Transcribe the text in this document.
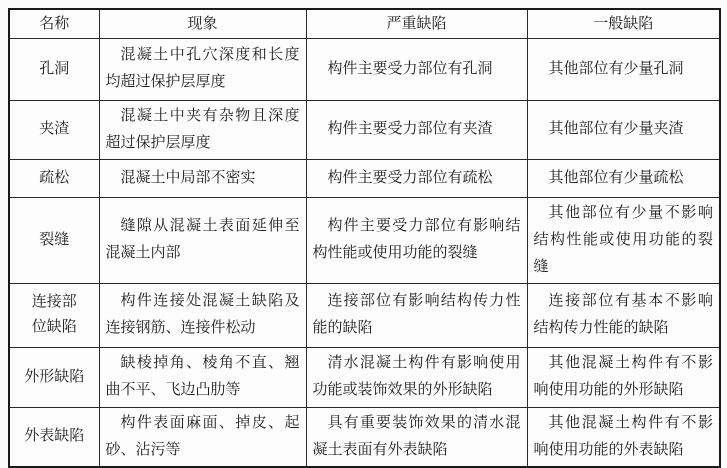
名称	现象	严重缺陷	一般缺陷
孔洞	混凝土中孔穴深度和长度均超过保护层厚度	构件主要受力部位有孔洞	其他部位有少量孔洞
夹渣	混凝土中夹有杂物且深度超过保护层厚度	构件主要受力部位有夹渣	其他部位有少量夹渣
疏松	混凝土中局部不密实	构件主要受力部位有疏松	其他部位有少量疏松
裂缝	缝隙从混凝土表面延伸至混凝土内部	构件主要受力部位有影响结构性能或使用功能的裂缝	其他部位有少量不影响结构性能或使用功能的裂缝
连接部位缺陷	构件连接处混凝土缺陷及连接钢筋、连接件松动	连接部位有影响结构传力性能的缺陷	连接部位有基本不影响结构传力性能的缺陷
外形缺陷	缺棱掉角、棱角不直、翘曲不平、飞边凸肋等	清水混凝土构件有影响使用功能或装饰效果的外形缺陷	其他混凝土构件有不影响使用功能的外形缺陷
外表缺陷	构件表面麻面、掉皮、起砂、沾污等	具有重要装饰效果的清水混凝土表面有外表缺陷	其他混凝土构件有不影响使用功能的外表缺陷
